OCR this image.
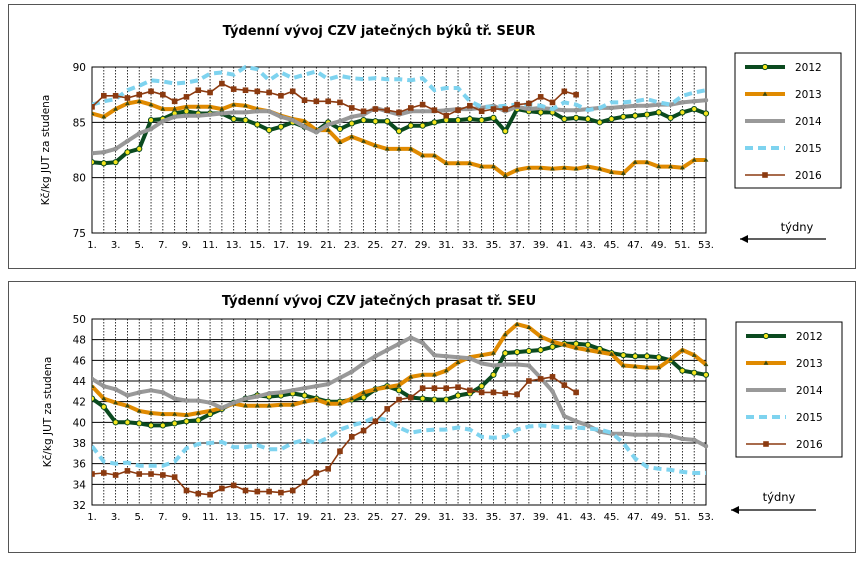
Týdenní vývoj CZV jatečných býků tř. SEUR
75
80
85
90
1. 3. 5. 7. 9. 11. 13. 15. 17. 19. 21. 23. 25. 27. 29. 31. 33. 35. 37. 39. 41. 43. 45. 47. 49. 51. 53.
Kč/kg JUT za studena
týdny
2012
2013
2014
2015
2016
Týdenní vývoj CZV jatečných prasat tř. SEU
32
34
36
38
40
42
44
46
48
50
1. 3. 5. 7. 9. 11. 13. 15. 17. 19. 21. 23. 25. 27. 29. 31. 33. 35. 37. 39. 41. 43. 45. 47. 49. 51. 53.
Kč/kg JUT za studena
týdny
2012
2013
2014
2015
2016
